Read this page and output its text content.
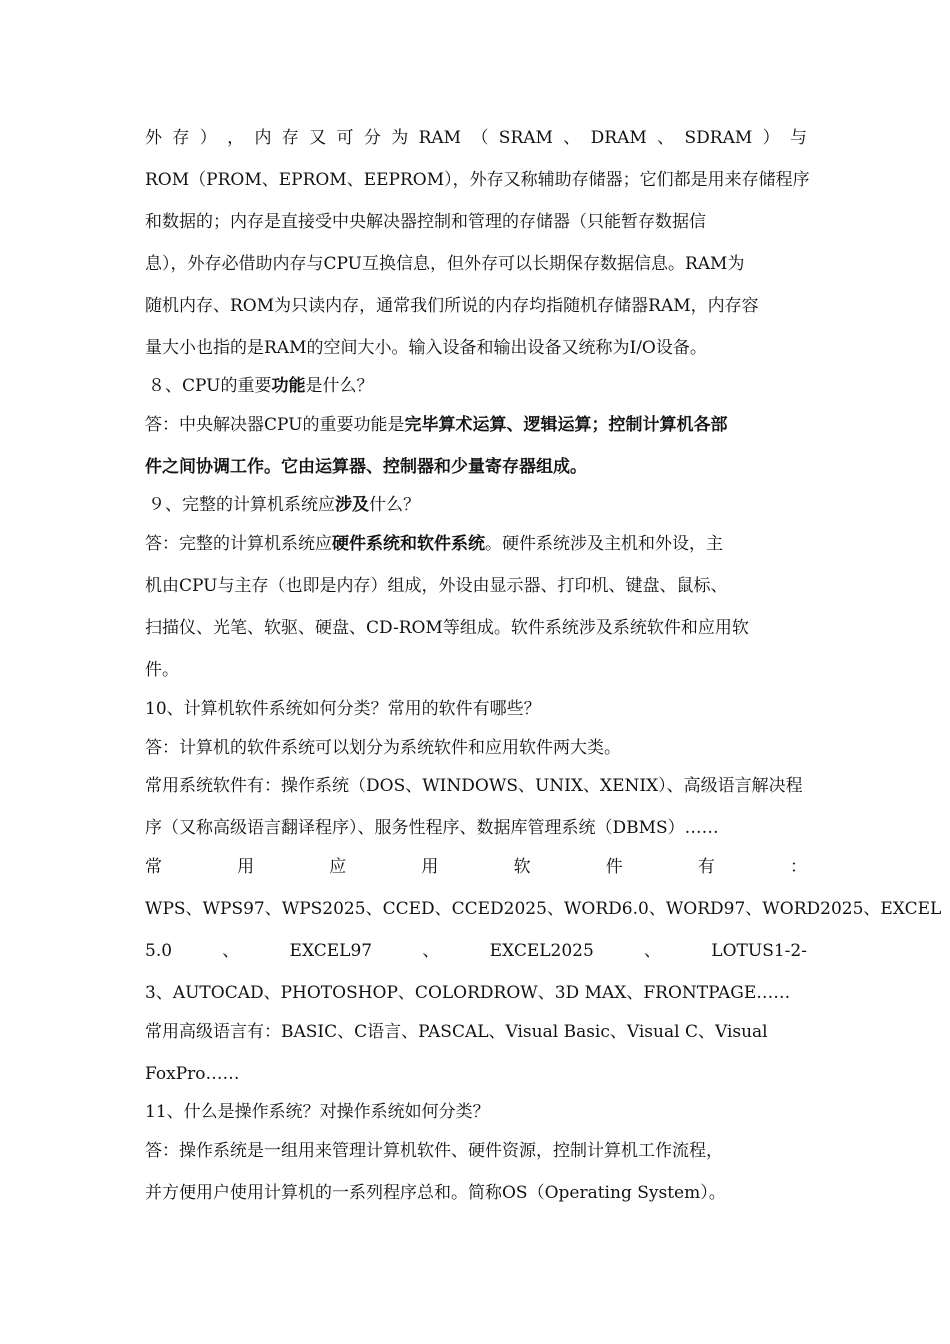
外 存 ） ， 内 存 又 可 分 为 RAM （ SRAM 、 DRAM 、 SDRAM ） 与
ROM（PROM、EPROM、EEPROM），外存又称辅助存储器；它们都是用来存储程序
和数据的；内存是直接受中央解决器控制和管理的存储器（只能暂存数据信
息），外存必借助内存与CPU互换信息，但外存可以长期保存数据信息。RAM为
随机内存、ROM为只读内存，通常我们所说的内存均指随机存储器RAM，内存容
量大小也指的是RAM的空间大小。输入设备和输出设备又统称为I/O设备。
８、CPU的重要功能是什么？
答：中央解决器CPU的重要功能是完毕算术运算、逻辑运算；控制计算机各部
件之间协调工作。它由运算器、控制器和少量寄存器组成。
９、完整的计算机系统应涉及什么？
答：完整的计算机系统应硬件系统和软件系统。硬件系统涉及主机和外设，主
机由CPU与主存（也即是内存）组成，外设由显示器、打印机、键盘、鼠标、
扫描仪、光笔、软驱、硬盘、CD-ROM等组成。软件系统涉及系统软件和应用软
件。
10、计算机软件系统如何分类？常用的软件有哪些？
答：计算机的软件系统可以划分为系统软件和应用软件两大类。
常用系统软件有：操作系统（DOS、WINDOWS、UNIX、XENIX）、高级语言解决程
序（又称高级语言翻译程序）、服务性程序、数据库管理系统（DBMS）……
常	用	应	用	软	件	有	：
WPS、WPS97、WPS2025、CCED、CCED2025、WORD6.0、WORD97、WORD2025、EXCEL
5.0	、	EXCEL97	、	EXCEL2025	、	LOTUS1-2-
3、AUTOCAD、PHOTOSHOP、COLORDROW、3D MAX、FRONTPAGE……
常用高级语言有：BASIC、C语言、PASCAL、Visual Basic、Visual C、Visual
FoxPro……
11、什么是操作系统？对操作系统如何分类？
答：操作系统是一组用来管理计算机软件、硬件资源，控制计算机工作流程，
并方便用户使用计算机的一系列程序总和。简称OS（Operating System）。
